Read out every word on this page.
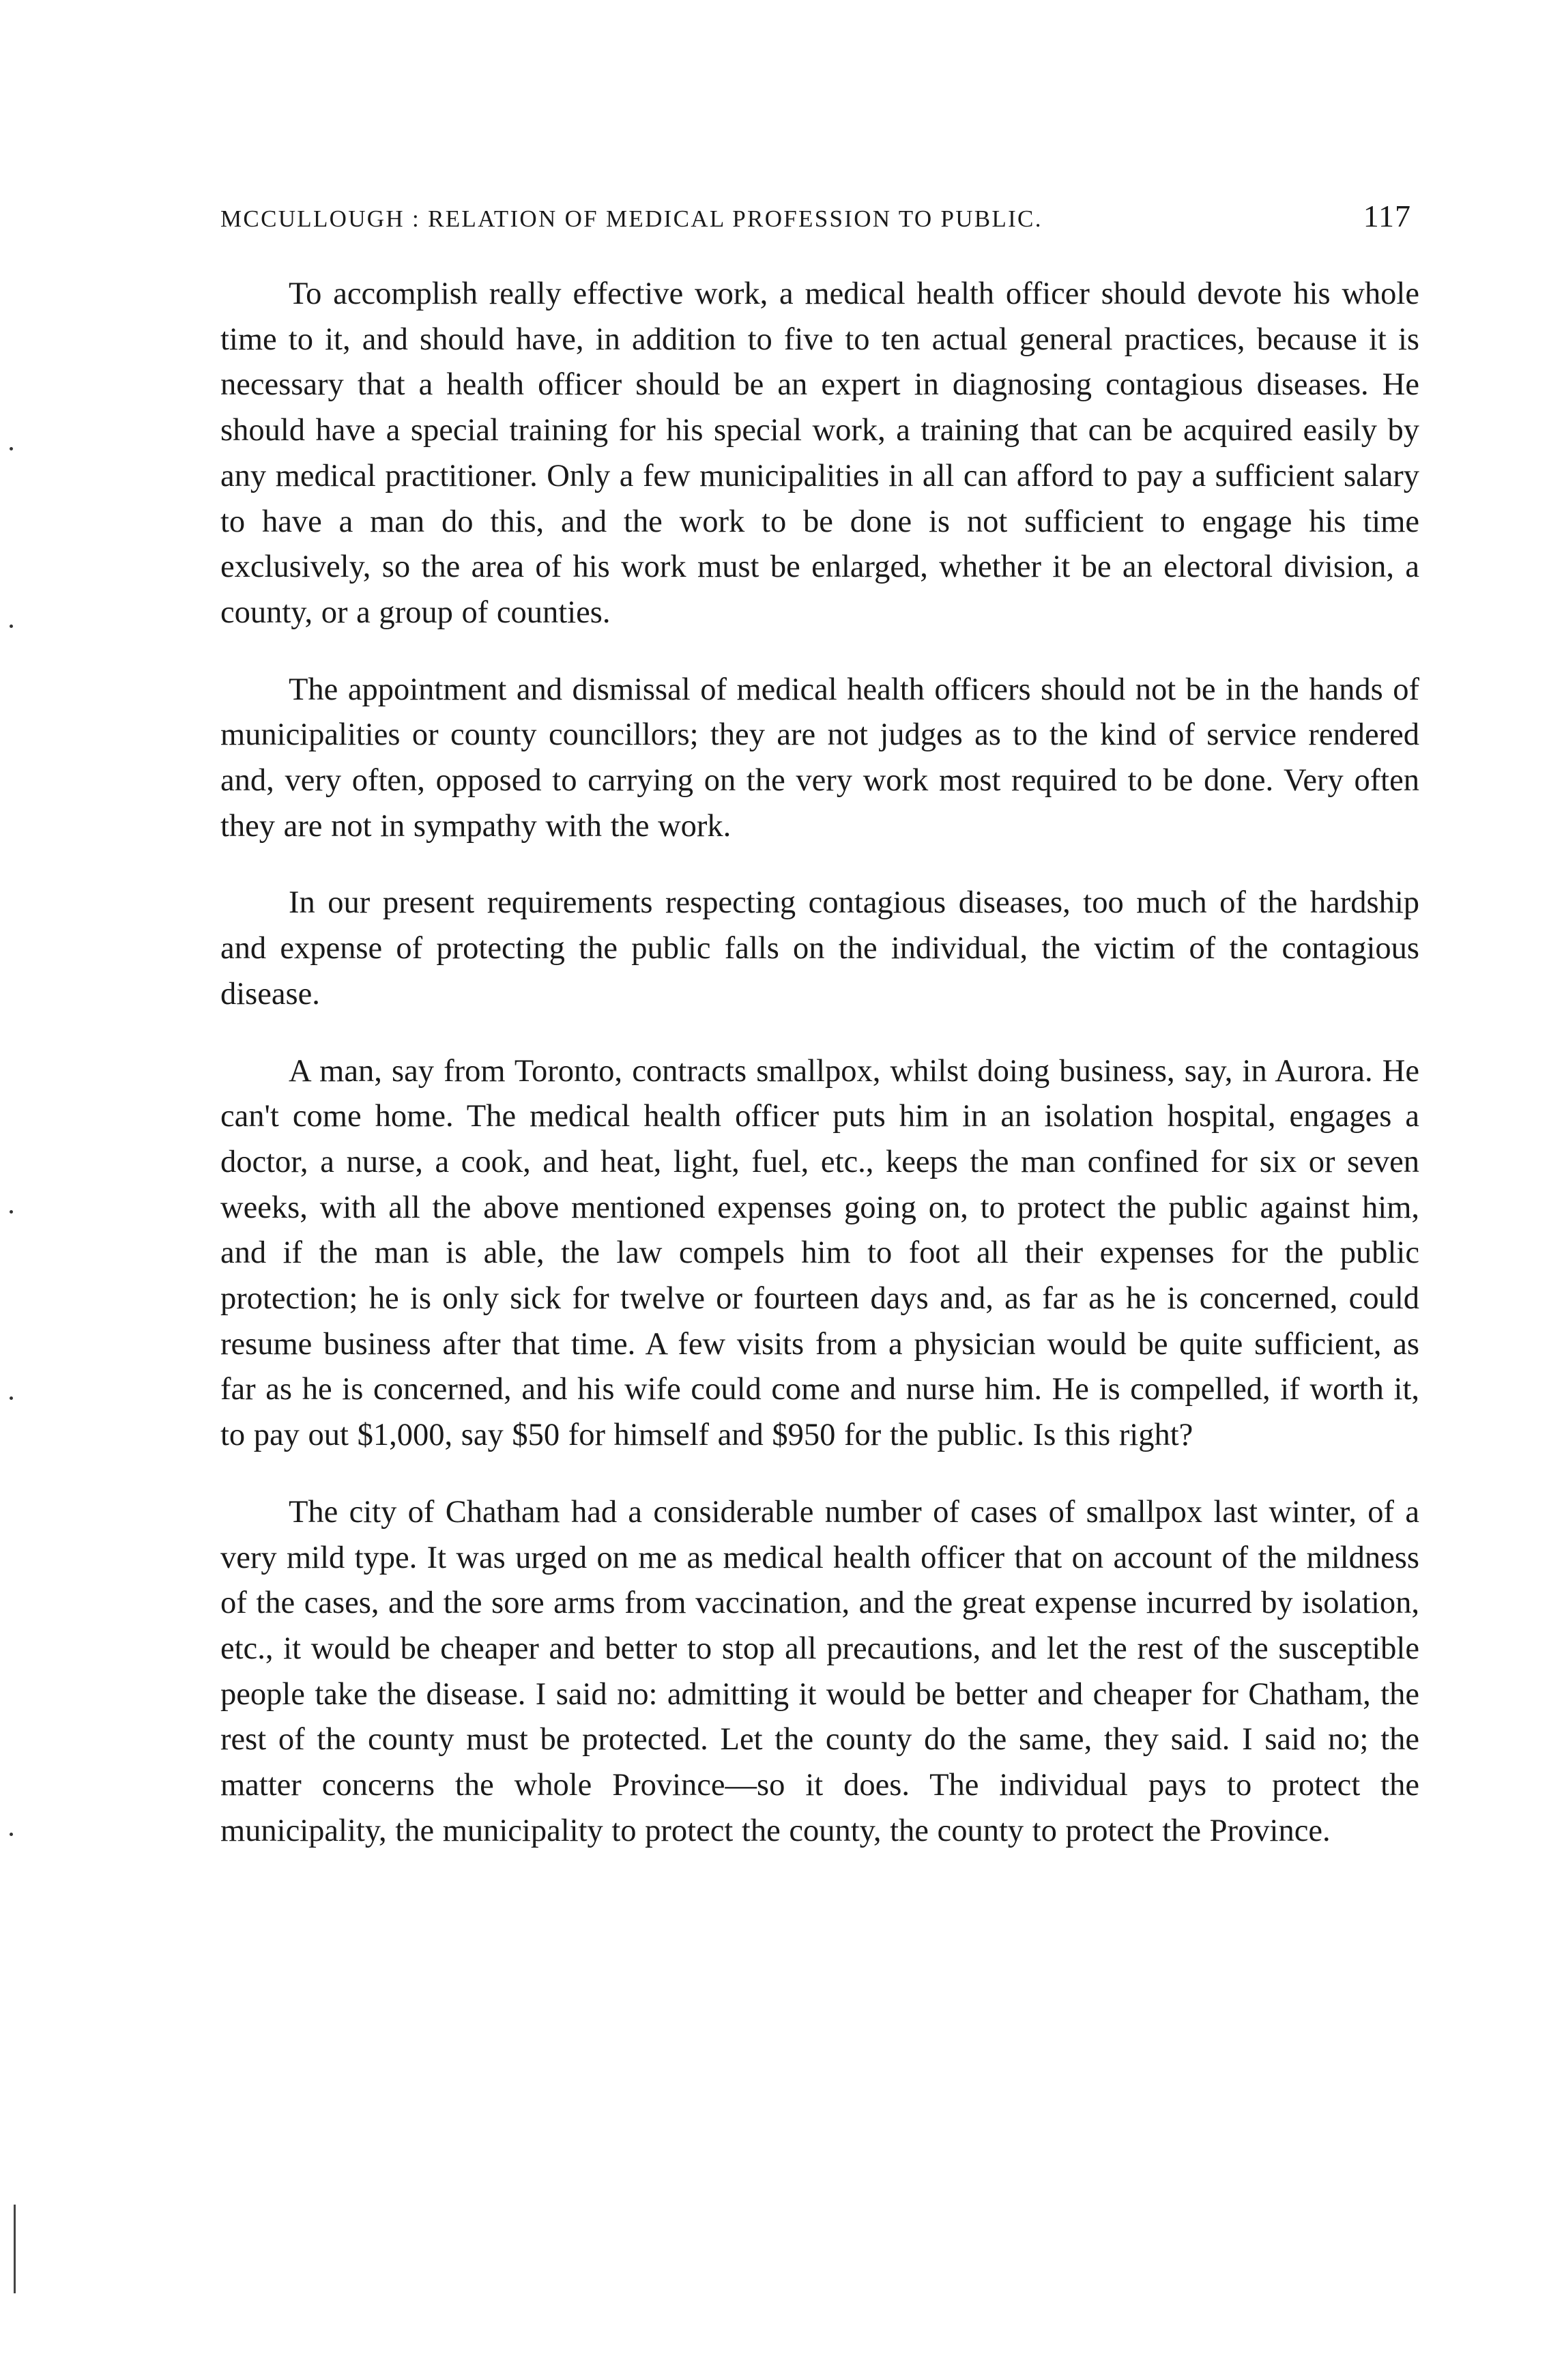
MCCULLOUGH : RELATION OF MEDICAL PROFESSION TO PUBLIC.	117

To accomplish really effective work, a medical health officer should devote his whole time to it, and should have, in addition to five to ten actual general practices, because it is necessary that a health officer should be an expert in diagnosing contagious diseases. He should have a special training for his special work, a training that can be acquired easily by any medical practitioner. Only a few municipalities in all can afford to pay a sufficient salary to have a man do this, and the work to be done is not sufficient to engage his time exclusively, so the area of his work must be enlarged, whether it be an electoral division, a county, or a group of counties.

The appointment and dismissal of medical health officers should not be in the hands of municipalities or county councillors; they are not judges as to the kind of service rendered and, very often, opposed to carrying on the very work most required to be done. Very often they are not in sympathy with the work.

In our present requirements respecting contagious diseases, too much of the hardship and expense of protecting the public falls on the individual, the victim of the contagious disease.

A man, say from Toronto, contracts smallpox, whilst doing business, say, in Aurora. He can't come home. The medical health officer puts him in an isolation hospital, engages a doctor, a nurse, a cook, and heat, light, fuel, etc., keeps the man confined for six or seven weeks, with all the above mentioned expenses going on, to protect the public against him, and if the man is able, the law compels him to foot all their expenses for the public protection; he is only sick for twelve or fourteen days and, as far as he is concerned, could resume business after that time. A few visits from a physician would be quite sufficient, as far as he is concerned, and his wife could come and nurse him. He is compelled, if worth it, to pay out $1,000, say $50 for himself and $950 for the public. Is this right?

The city of Chatham had a considerable number of cases of smallpox last winter, of a very mild type. It was urged on me as medical health officer that on account of the mildness of the cases, and the sore arms from vaccination, and the great expense incurred by isolation, etc., it would be cheaper and better to stop all precautions, and let the rest of the susceptible people take the disease. I said no: admitting it would be better and cheaper for Chatham, the rest of the county must be protected. Let the county do the same, they said. I said no; the matter concerns the whole Province—so it does. The individual pays to protect the municipality, the municipality to protect the county, the county to protect the Province.
